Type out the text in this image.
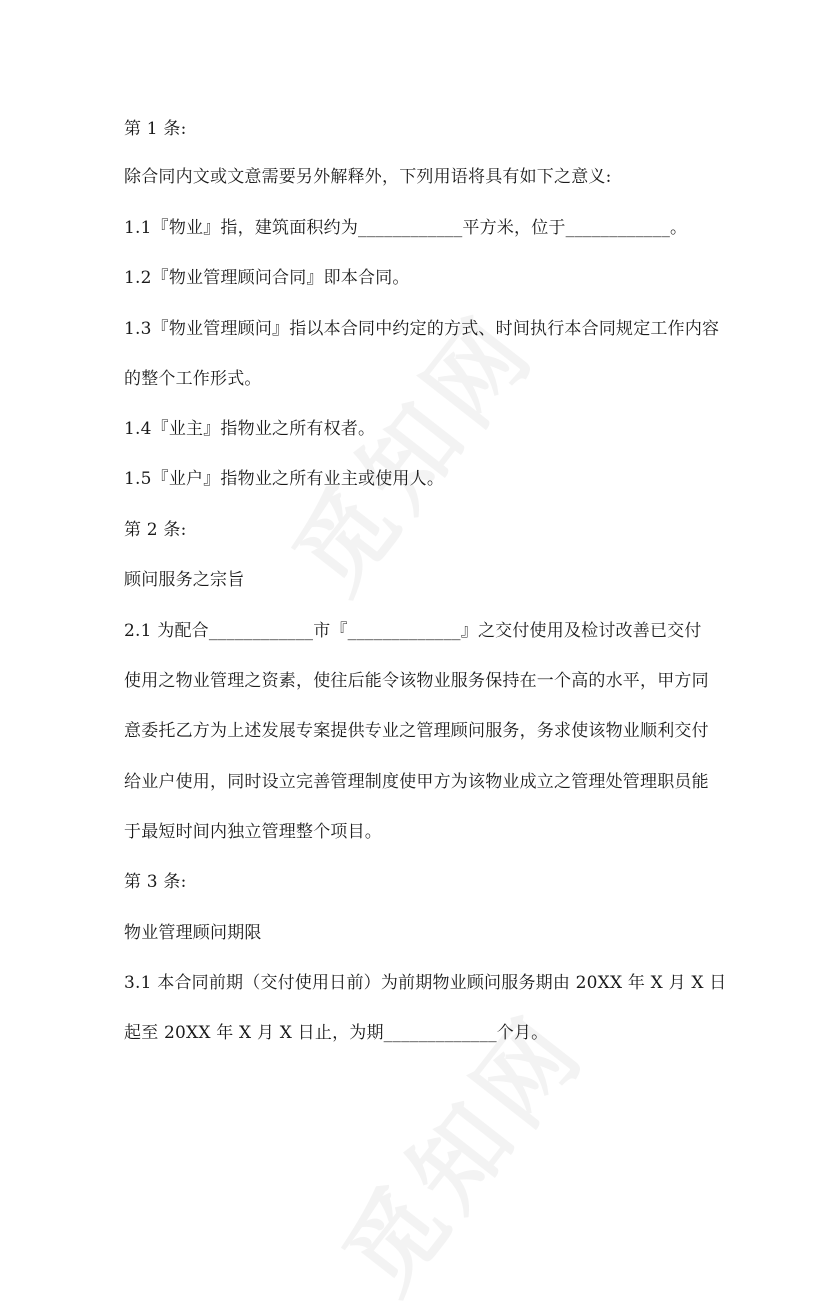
第 1 条:
除合同内文或文意需要另外解释外，下列用语将具有如下之意义:
1.1『物业』指，建筑面积约为____________平方米，位于____________。
1.2『物业管理顾问合同』即本合同。
1.3『物业管理顾问』指以本合同中约定的方式、时间执行本合同规定工作内容
的整个工作形式。
1.4『业主』指物业之所有权者。
1.5『业户』指物业之所有业主或使用人。
第 2 条:
顾问服务之宗旨
2.1 为配合____________市『_____________』之交付使用及检讨改善已交付
使用之物业管理之资素，使往后能令该物业服务保持在一个高的水平，甲方同
意委托乙方为上述发展专案提供专业之管理顾问服务，务求使该物业顺利交付
给业户使用，同时设立完善管理制度使甲方为该物业成立之管理处管理职员能
于最短时间内独立管理整个项目。
第 3 条:
物业管理顾问期限
3.1 本合同前期（交付使用日前）为前期物业顾问服务期由 20XX 年 X 月 X 日
起至 20XX 年 X 月 X 日止，为期_____________个月。
